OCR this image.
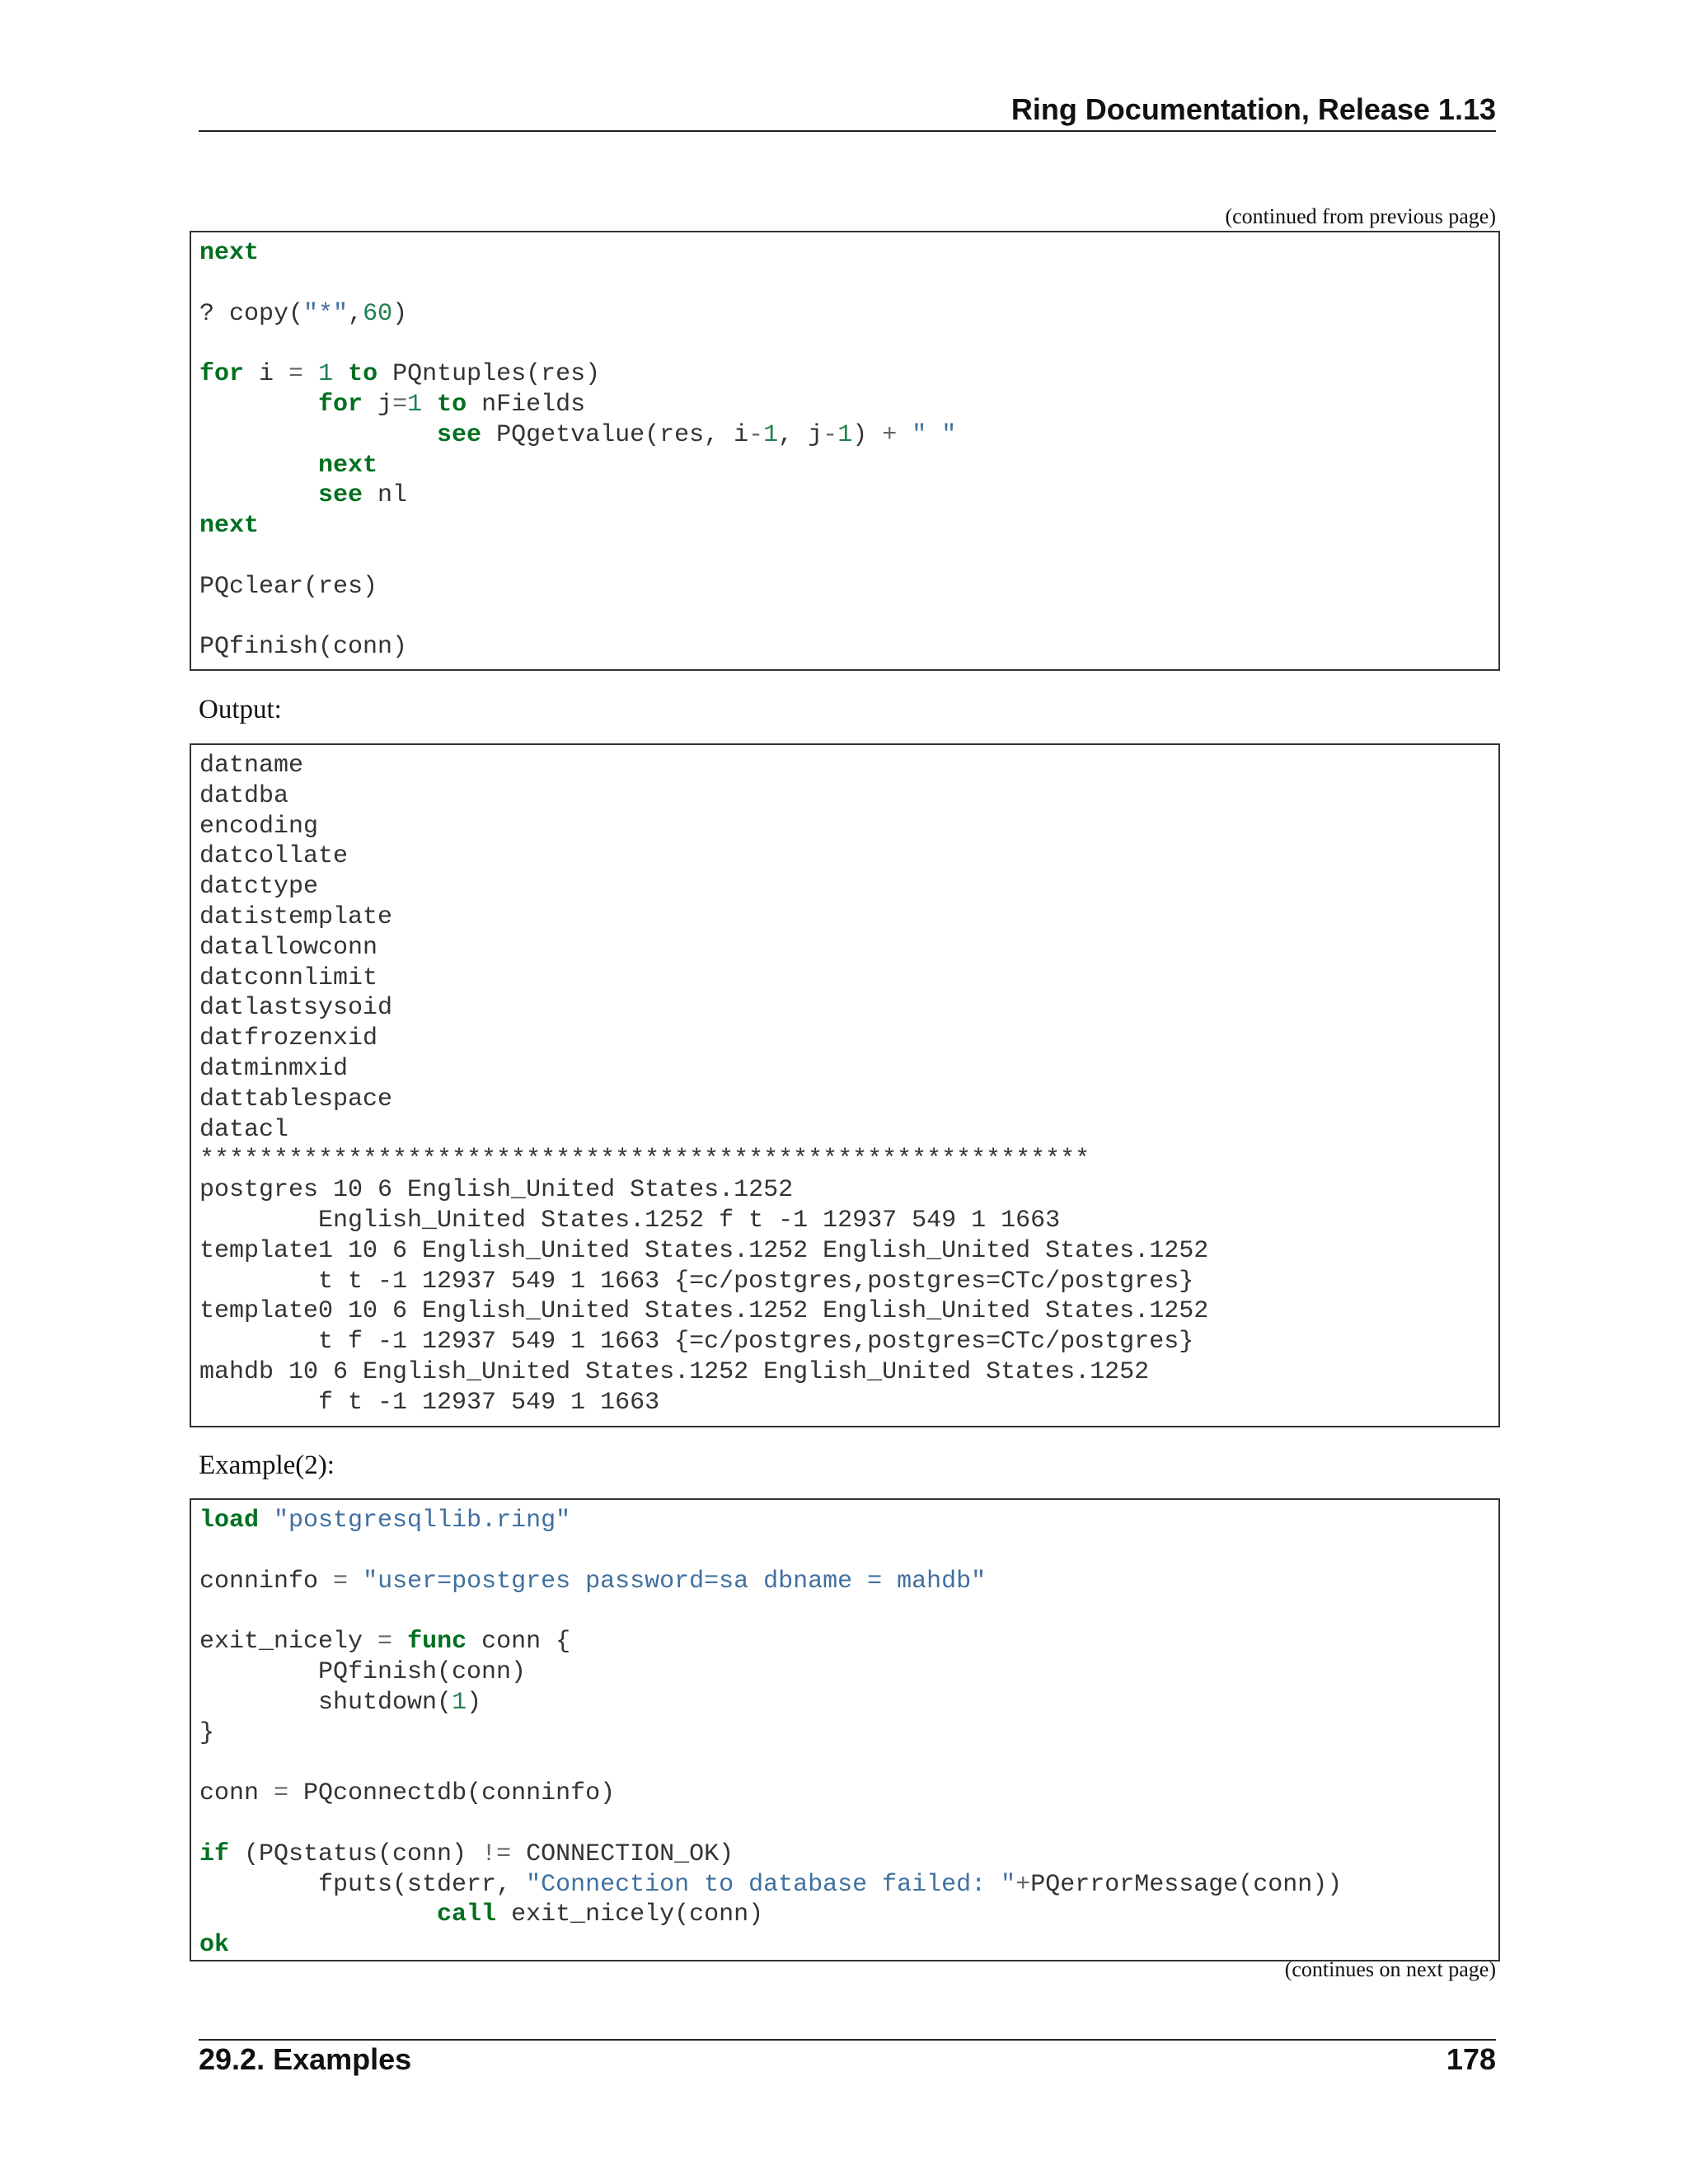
Ring Documentation, Release 1.13
(continued from previous page)
next

? copy("*",60)

for i = 1 to PQntuples(res)
for j=1 to nFields
see PQgetvalue(res, i-1, j-1) + " "
next
see nl
next

PQclear(res)

PQfinish(conn)
Output:
datname
datdba
encoding
datcollate
datctype
datistemplate
datallowconn
datconnlimit
datlastsysoid
datfrozenxid
datminmxid
dattablespace
datacl
************************************************************
postgres 10 6 English_United States.1252
English_United States.1252 f t -1 12937 549 1 1663
template1 10 6 English_United States.1252 English_United States.1252
t t -1 12937 549 1 1663 {=c/postgres,postgres=CTc/postgres}
template0 10 6 English_United States.1252 English_United States.1252
t f -1 12937 549 1 1663 {=c/postgres,postgres=CTc/postgres}
mahdb 10 6 English_United States.1252 English_United States.1252
f t -1 12937 549 1 1663
Example(2):
load "postgresqllib.ring"

conninfo = "user=postgres password=sa dbname = mahdb"

exit_nicely = func conn {
PQfinish(conn)
shutdown(1)
}

conn = PQconnectdb(conninfo)

if (PQstatus(conn) != CONNECTION_OK)
fputs(stderr, "Connection to database failed: "+PQerrorMessage(conn))
call exit_nicely(conn)
ok
(continues on next page)
29.2. Examples	178
